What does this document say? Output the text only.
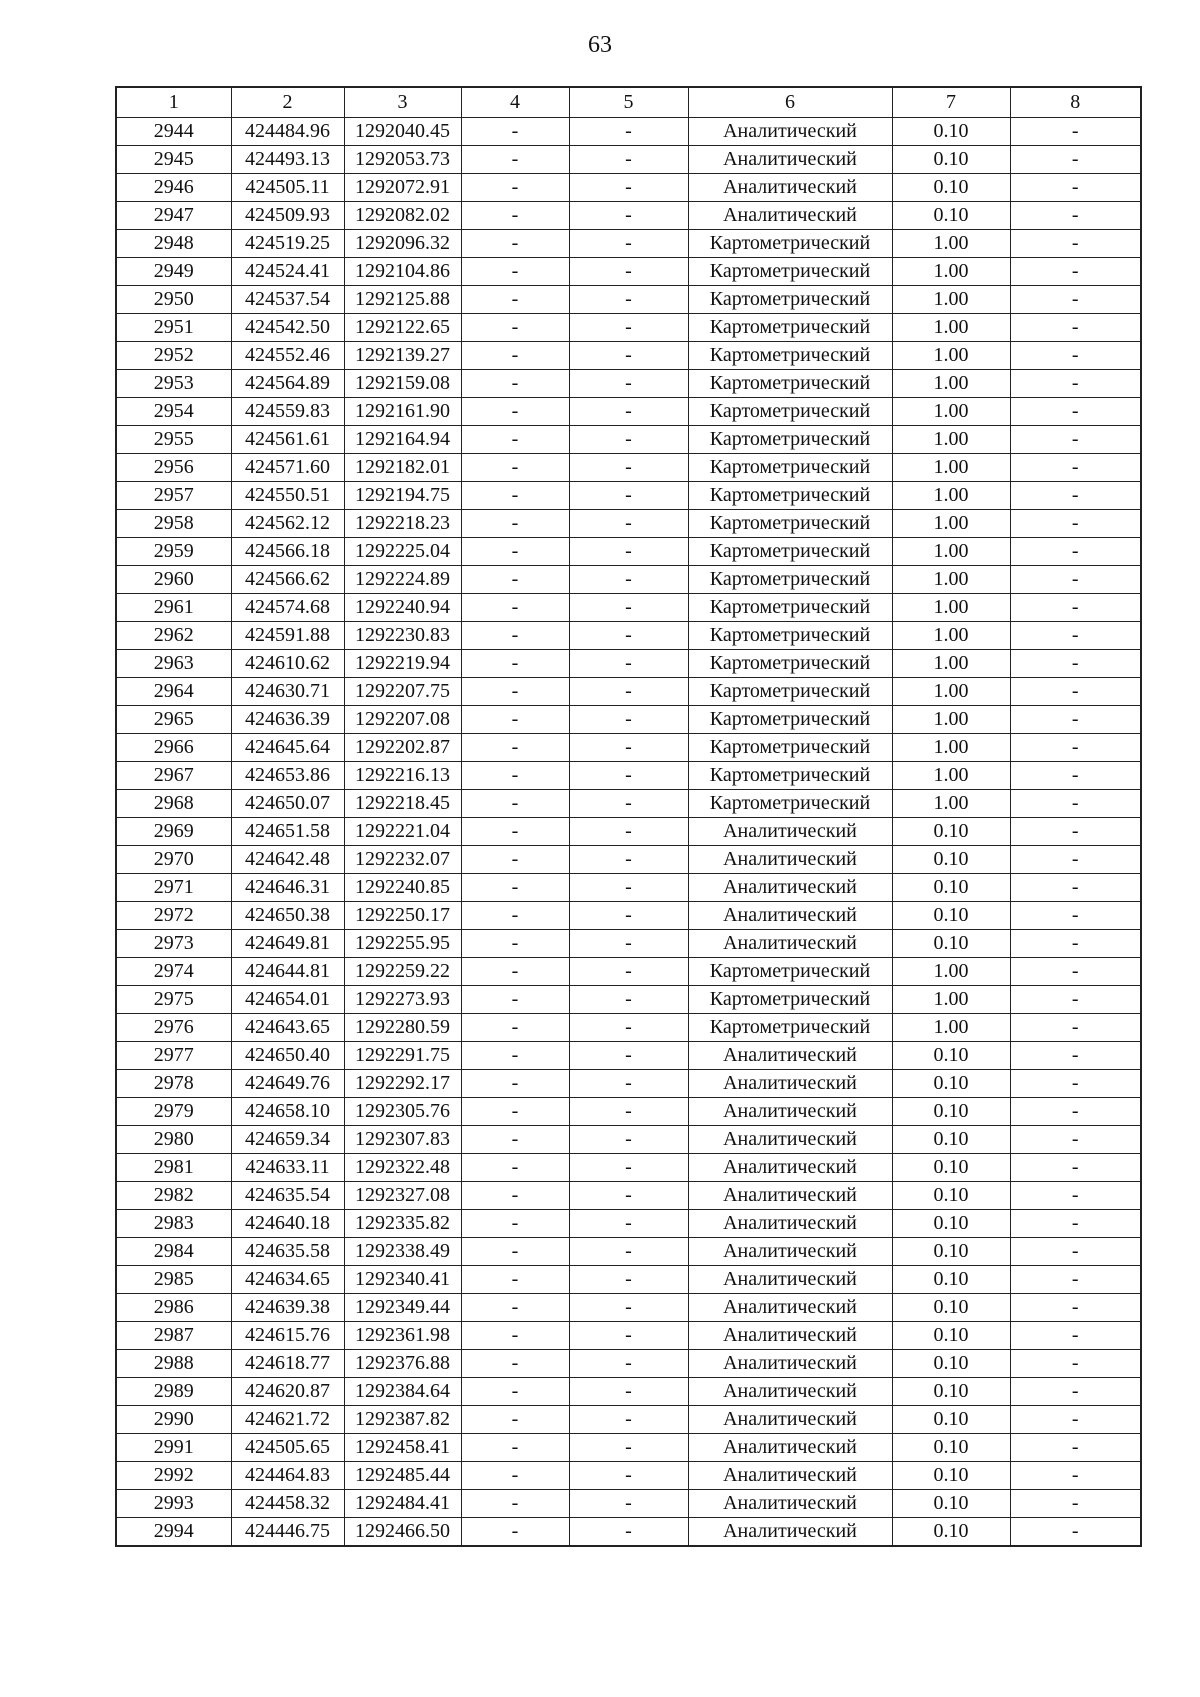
63
1	2	3	4	5	6	7	8
2944	424484.96	1292040.45	-	-	Аналитический	0.10	-
2945	424493.13	1292053.73	-	-	Аналитический	0.10	-
2946	424505.11	1292072.91	-	-	Аналитический	0.10	-
2947	424509.93	1292082.02	-	-	Аналитический	0.10	-
2948	424519.25	1292096.32	-	-	Картометрический	1.00	-
2949	424524.41	1292104.86	-	-	Картометрический	1.00	-
2950	424537.54	1292125.88	-	-	Картометрический	1.00	-
2951	424542.50	1292122.65	-	-	Картометрический	1.00	-
2952	424552.46	1292139.27	-	-	Картометрический	1.00	-
2953	424564.89	1292159.08	-	-	Картометрический	1.00	-
2954	424559.83	1292161.90	-	-	Картометрический	1.00	-
2955	424561.61	1292164.94	-	-	Картометрический	1.00	-
2956	424571.60	1292182.01	-	-	Картометрический	1.00	-
2957	424550.51	1292194.75	-	-	Картометрический	1.00	-
2958	424562.12	1292218.23	-	-	Картометрический	1.00	-
2959	424566.18	1292225.04	-	-	Картометрический	1.00	-
2960	424566.62	1292224.89	-	-	Картометрический	1.00	-
2961	424574.68	1292240.94	-	-	Картометрический	1.00	-
2962	424591.88	1292230.83	-	-	Картометрический	1.00	-
2963	424610.62	1292219.94	-	-	Картометрический	1.00	-
2964	424630.71	1292207.75	-	-	Картометрический	1.00	-
2965	424636.39	1292207.08	-	-	Картометрический	1.00	-
2966	424645.64	1292202.87	-	-	Картометрический	1.00	-
2967	424653.86	1292216.13	-	-	Картометрический	1.00	-
2968	424650.07	1292218.45	-	-	Картометрический	1.00	-
2969	424651.58	1292221.04	-	-	Аналитический	0.10	-
2970	424642.48	1292232.07	-	-	Аналитический	0.10	-
2971	424646.31	1292240.85	-	-	Аналитический	0.10	-
2972	424650.38	1292250.17	-	-	Аналитический	0.10	-
2973	424649.81	1292255.95	-	-	Аналитический	0.10	-
2974	424644.81	1292259.22	-	-	Картометрический	1.00	-
2975	424654.01	1292273.93	-	-	Картометрический	1.00	-
2976	424643.65	1292280.59	-	-	Картометрический	1.00	-
2977	424650.40	1292291.75	-	-	Аналитический	0.10	-
2978	424649.76	1292292.17	-	-	Аналитический	0.10	-
2979	424658.10	1292305.76	-	-	Аналитический	0.10	-
2980	424659.34	1292307.83	-	-	Аналитический	0.10	-
2981	424633.11	1292322.48	-	-	Аналитический	0.10	-
2982	424635.54	1292327.08	-	-	Аналитический	0.10	-
2983	424640.18	1292335.82	-	-	Аналитический	0.10	-
2984	424635.58	1292338.49	-	-	Аналитический	0.10	-
2985	424634.65	1292340.41	-	-	Аналитический	0.10	-
2986	424639.38	1292349.44	-	-	Аналитический	0.10	-
2987	424615.76	1292361.98	-	-	Аналитический	0.10	-
2988	424618.77	1292376.88	-	-	Аналитический	0.10	-
2989	424620.87	1292384.64	-	-	Аналитический	0.10	-
2990	424621.72	1292387.82	-	-	Аналитический	0.10	-
2991	424505.65	1292458.41	-	-	Аналитический	0.10	-
2992	424464.83	1292485.44	-	-	Аналитический	0.10	-
2993	424458.32	1292484.41	-	-	Аналитический	0.10	-
2994	424446.75	1292466.50	-	-	Аналитический	0.10	-
